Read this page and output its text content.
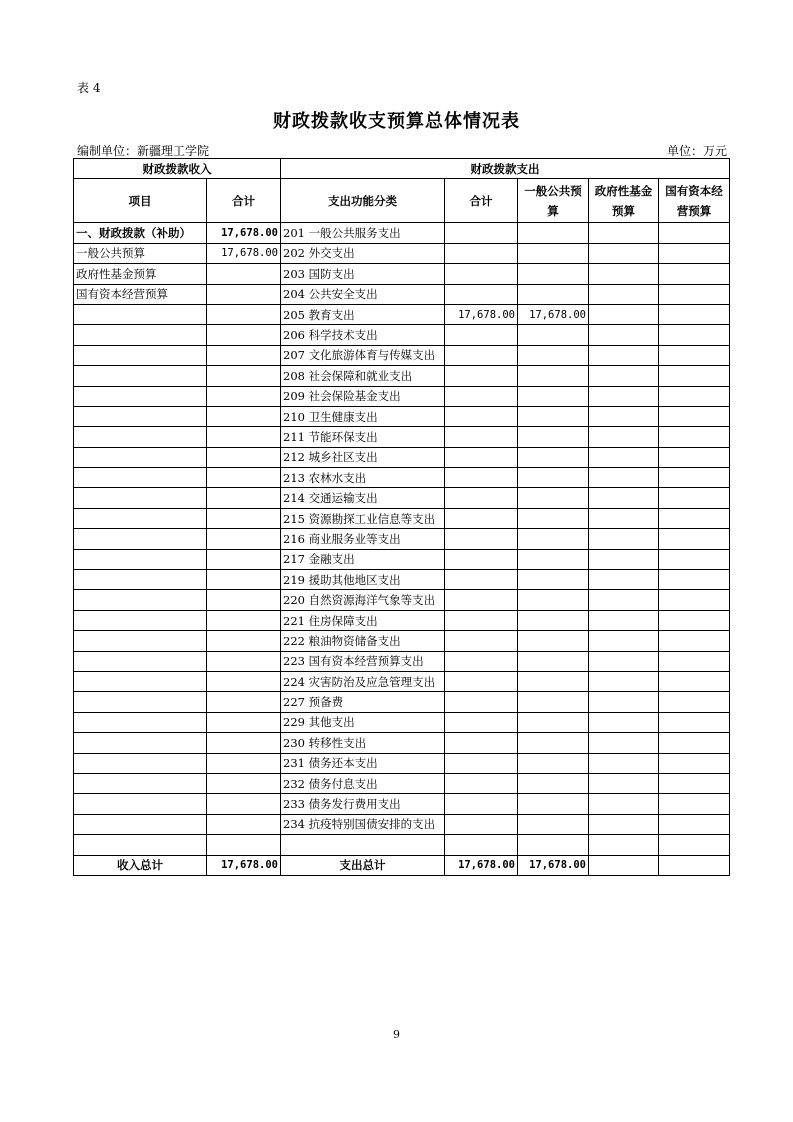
表 4
财政拨款收支预算总体情况表
编制单位：新疆理工学院	单位：万元
财政拨款收入		财政拨款支出				
项目	合计	支出功能分类	合计	一般公共预算	政府性基金预算	国有资本经营预算
一、财政拨款（补助）	17,678.00	201 一般公共服务支出				
一般公共预算	17,678.00	202 外交支出				
政府性基金预算		203 国防支出				
国有资本经营预算		204 公共安全支出				
		205 教育支出	17,678.00	17,678.00		
		206 科学技术支出				
		207 文化旅游体育与传媒支出				
		208 社会保障和就业支出				
		209 社会保险基金支出				
		210 卫生健康支出				
		211 节能环保支出				
		212 城乡社区支出				
		213 农林水支出				
		214 交通运输支出				
		215 资源勘探工业信息等支出				
		216 商业服务业等支出				
		217 金融支出				
		219 援助其他地区支出				
		220 自然资源海洋气象等支出				
		221 住房保障支出				
		222 粮油物资储备支出				
		223 国有资本经营预算支出				
		224 灾害防治及应急管理支出				
		227 预备费				
		229 其他支出				
		230 转移性支出				
		231 债务还本支出				
		232 债务付息支出				
		233 债务发行费用支出				
		234 抗疫特别国债安排的支出				

收入总计	17,678.00	支出总计	17,678.00	17,678.00		
9
